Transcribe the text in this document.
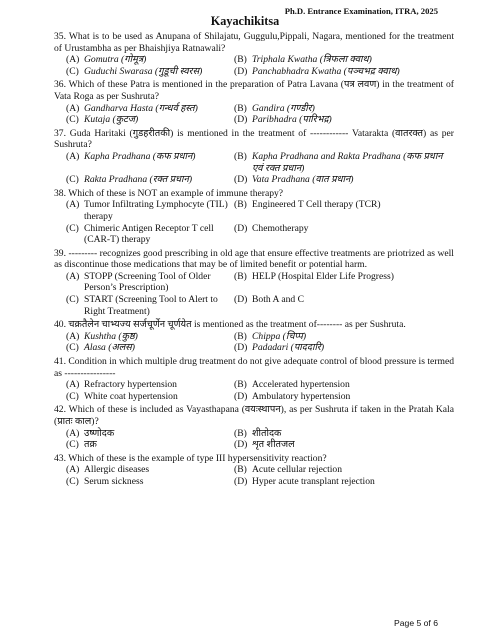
Ph.D. Entrance Examination, ITRA, 2025
Kayachikitsa
35. What is to be used as Anupana of Shilajatu, Guggulu,Pippali, Nagara, mentioned for the treatment of Urustambha as per Bhaishjiya Ratnawali?
(A) Gomutra (गोमूत्र)	(B) Triphala Kwatha (त्रिफला क्वाथ)
(C) Guduchi Swarasa (गुडूची स्वरस)	(D) Panchabhadra Kwatha (पञ्चभद्र क्वाथ)
36. Which of these Patra is mentioned in the preparation of Patra Lavana (पत्र लवण) in the treatment of Vata Roga as per Sushruta?
(A) Gandharva Hasta (गन्धर्व हस्त)	(B) Gandira (गण्डीर)
(C) Kutaja (कुटज)	(D) Paribhadra (पारिभद्र)
37. Guda Haritaki (गुडहरीतकी) is mentioned in the treatment of ------------ Vatarakta (वातरक्त) as per Sushruta?
(A) Kapha Pradhana (कफ प्रधान)	(B) Kapha Pradhana and Rakta Pradhana (कफ प्रधान एवं रक्त प्रधान)
(C) Rakta Pradhana (रक्त प्रधान)	(D) Vata Pradhana (वात प्रधान)
38. Which of these is NOT an example of immune therapy?
(A) Tumor Infiltrating Lymphocyte (TIL) therapy
(B) Engineered T Cell therapy (TCR)
(C) Chimeric Antigen Receptor T cell (CAR-T) therapy
(D) Chemotherapy
39. --------- recognizes good prescribing in old age that ensure effective treatments are priotrized as well as discontinue those medications that may be of limited benefit or potential harm.
(A) STOPP (Screening Tool of Older Person’s Prescription)
(B) HELP (Hospital Elder Life Progress)
(C) START (Screening Tool to Alert to Right Treatment)
(D) Both A and C
40. चक्रतैलेन चाभ्यज्य सर्जचूर्णेन चूर्णयेत is mentioned as the treatment of-------- as per Sushruta.
(A) Kushtha (कुष्ठ)	(B) Chippa (चिप्प)
(C) Alasa (अलस)	(D) Padadari (पाददारि)
41. Condition in which multiple drug treatment do not give adequate control of blood pressure is termed as ----------------
(A) Refractory hypertension	(B) Accelerated hypertension
(C) White coat hypertension	(D) Ambulatory hypertension
42. Which of these is included as Vayasthapana (वयःस्थापन), as per Sushruta if taken in the Pratah Kala (प्रातः काल)?
(A) उष्णोदक	(B) शीतोदक
(C) तक्र	(D) शृत शीतजल
43. Which of these is the example of type III hypersensitivity reaction?
(A) Allergic diseases	(B) Acute cellular rejection
(C) Serum sickness	(D) Hyper acute transplant rejection
Page 5 of 6
